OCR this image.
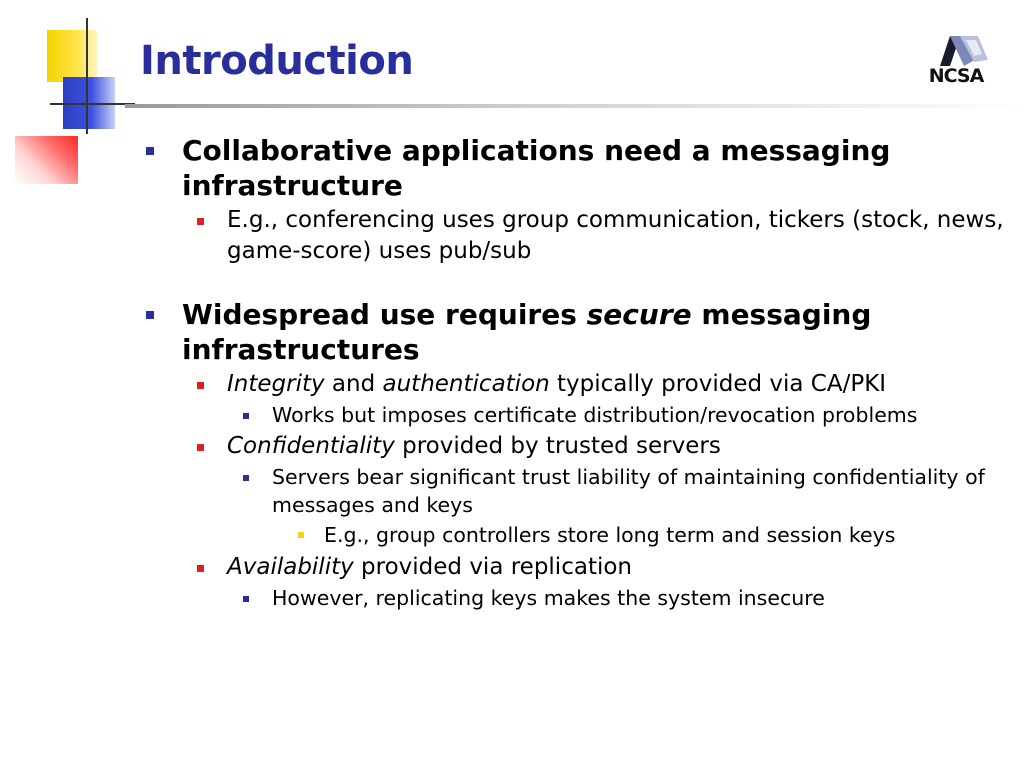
Introduction	NCSA
Collaborative applications need a messaging infrastructure
E.g., conferencing uses group communication, tickers (stock, news, game-score) uses pub/sub
Widespread use requires secure messaging infrastructures
Integrity and authentication typically provided via CA/PKI
Works but imposes certificate distribution/revocation problems
Confidentiality provided by trusted servers
Servers bear significant trust liability of maintaining confidentiality of messages and keys
E.g., group controllers store long term and session keys
Availability provided via replication
However, replicating keys makes the system insecure
